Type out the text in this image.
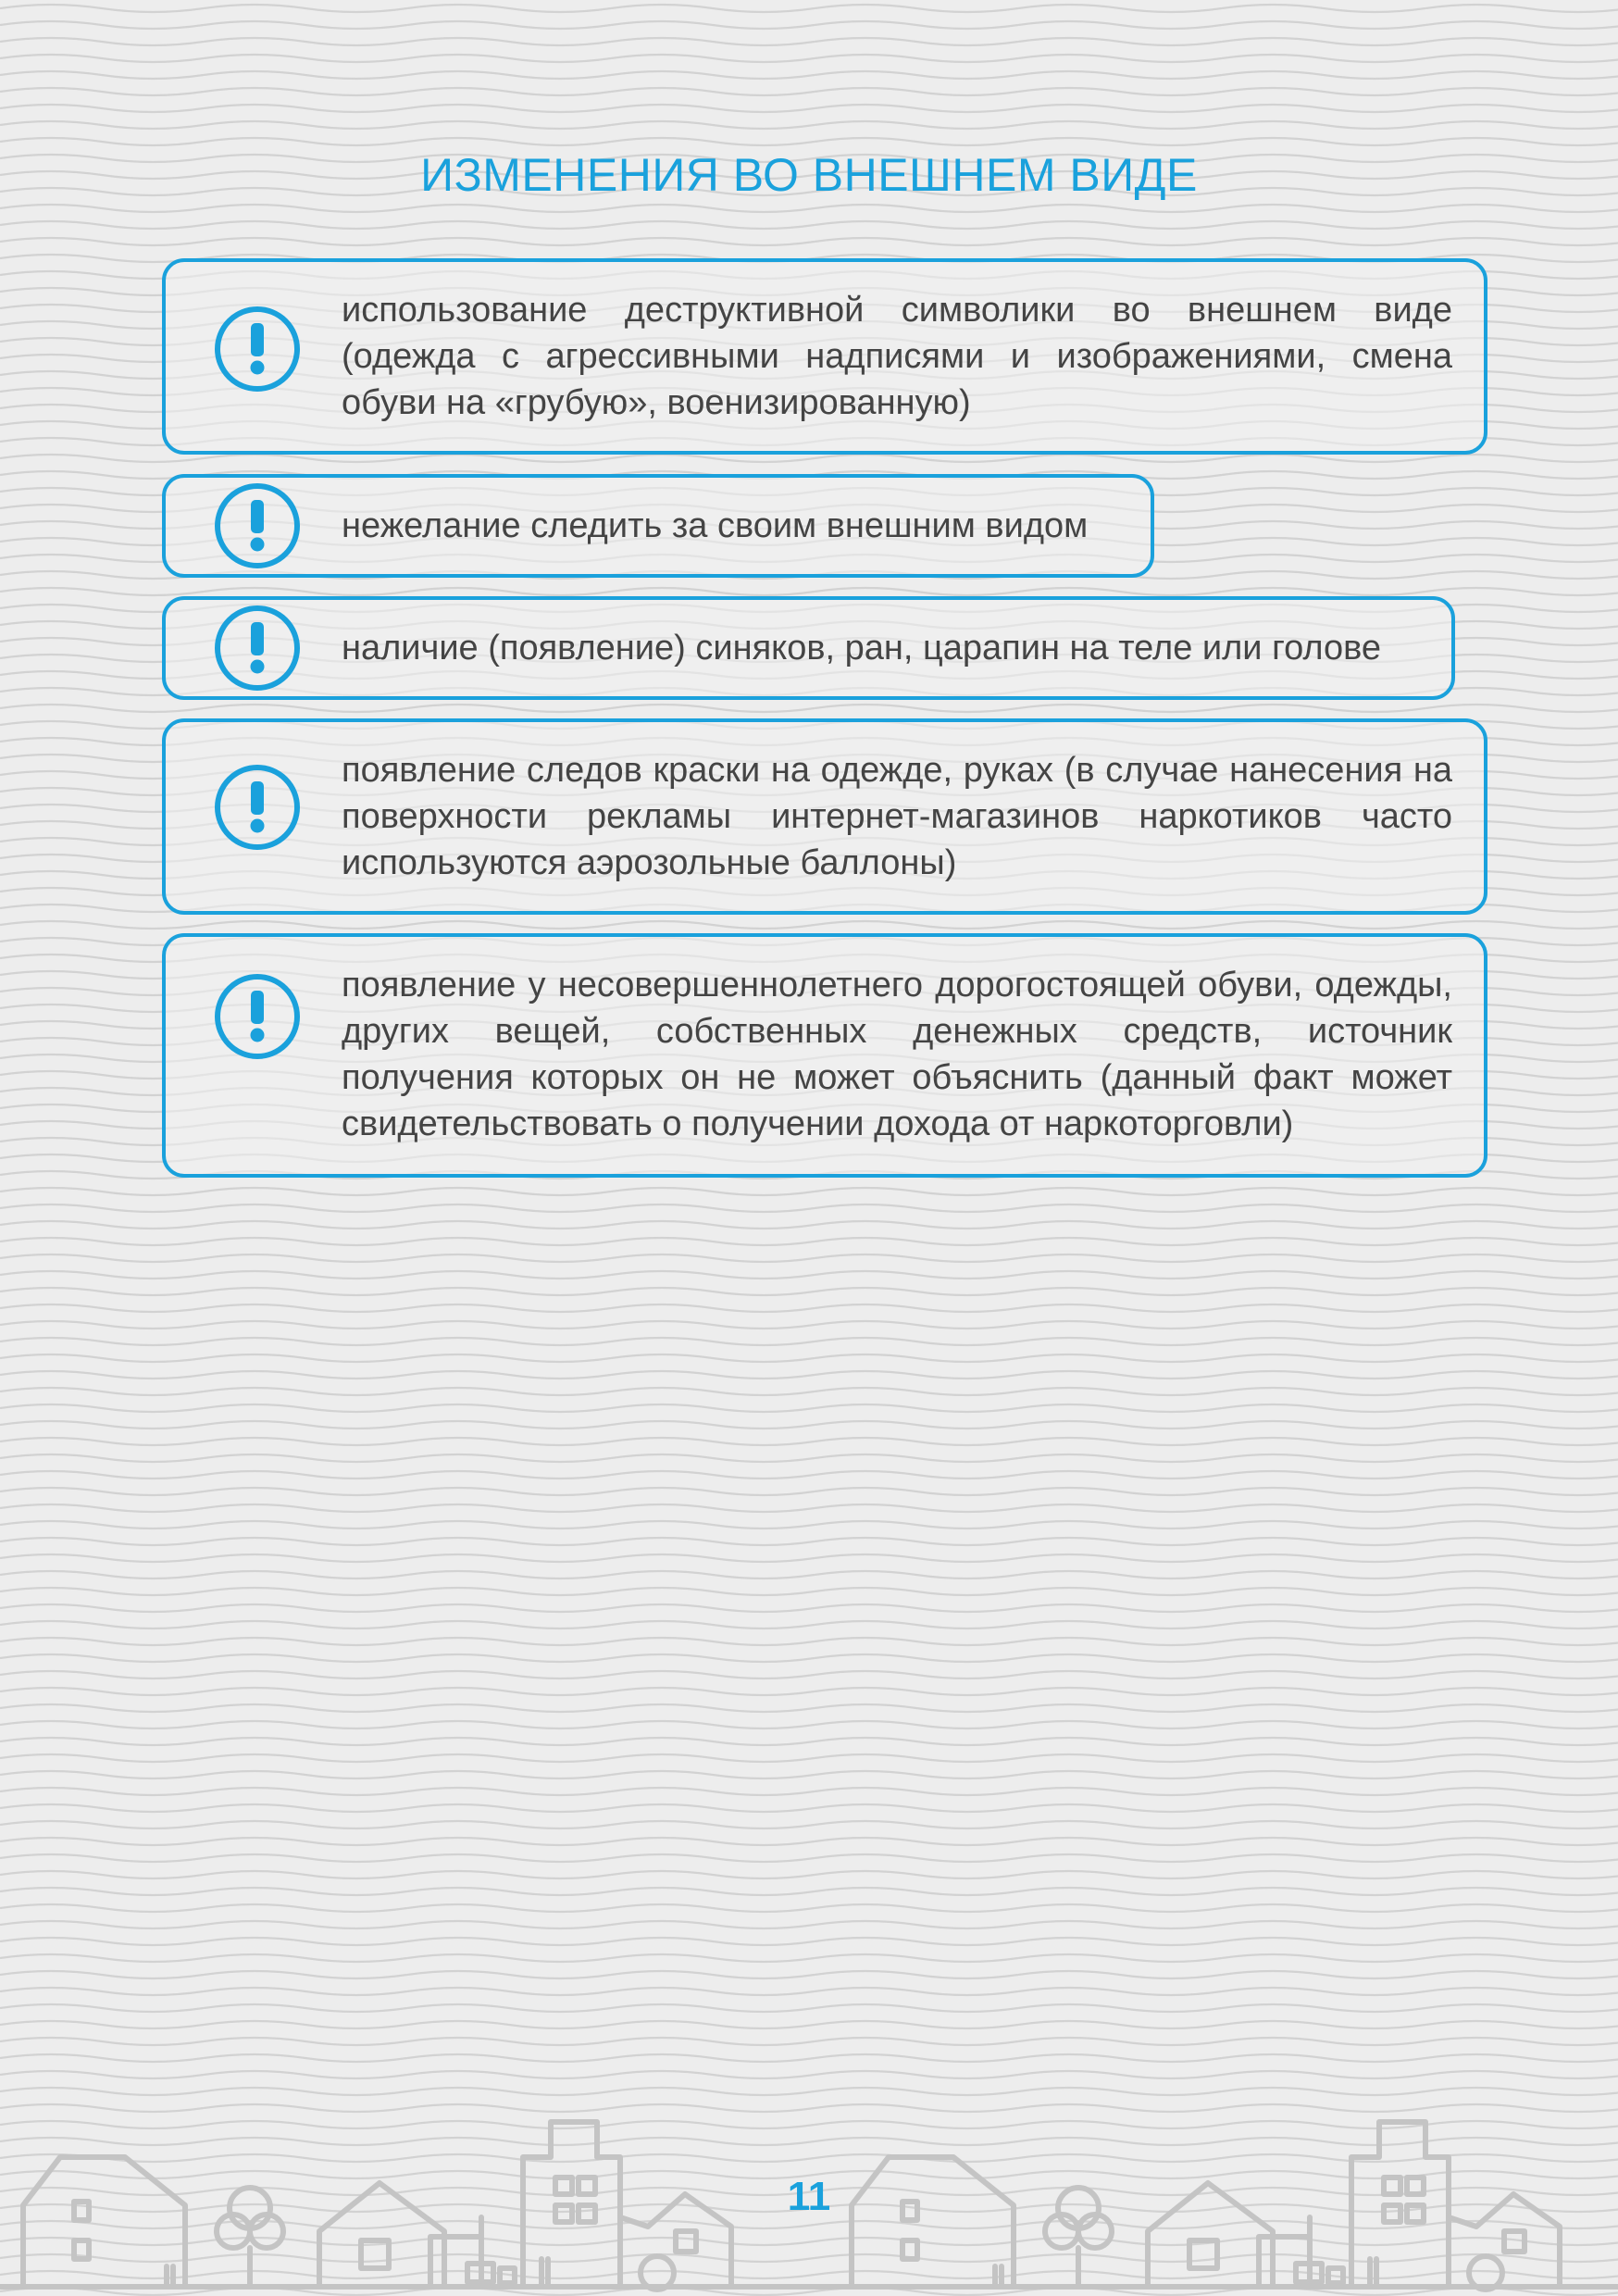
ИЗМЕНЕНИЯ ВО ВНЕШНЕМ ВИДЕ
использование деструктивной символики во внешнем виде (одежда с агрессивными надписями и изображениями, смена обуви на «грубую», военизированную)
нежелание следить за своим внешним видом
наличие (появление) синяков, ран, царапин на теле или голове
появление следов краски на одежде, руках (в случае нанесения на поверхности рекламы интернет-магазинов наркотиков часто используются аэрозольные баллоны)
появление у несовершеннолетнего дорогостоящей обуви, одежды, других вещей, собственных денежных средств, источник получения которых он не может объяснить (данный факт может свидетельствовать о получении дохода от наркоторговли)
11
